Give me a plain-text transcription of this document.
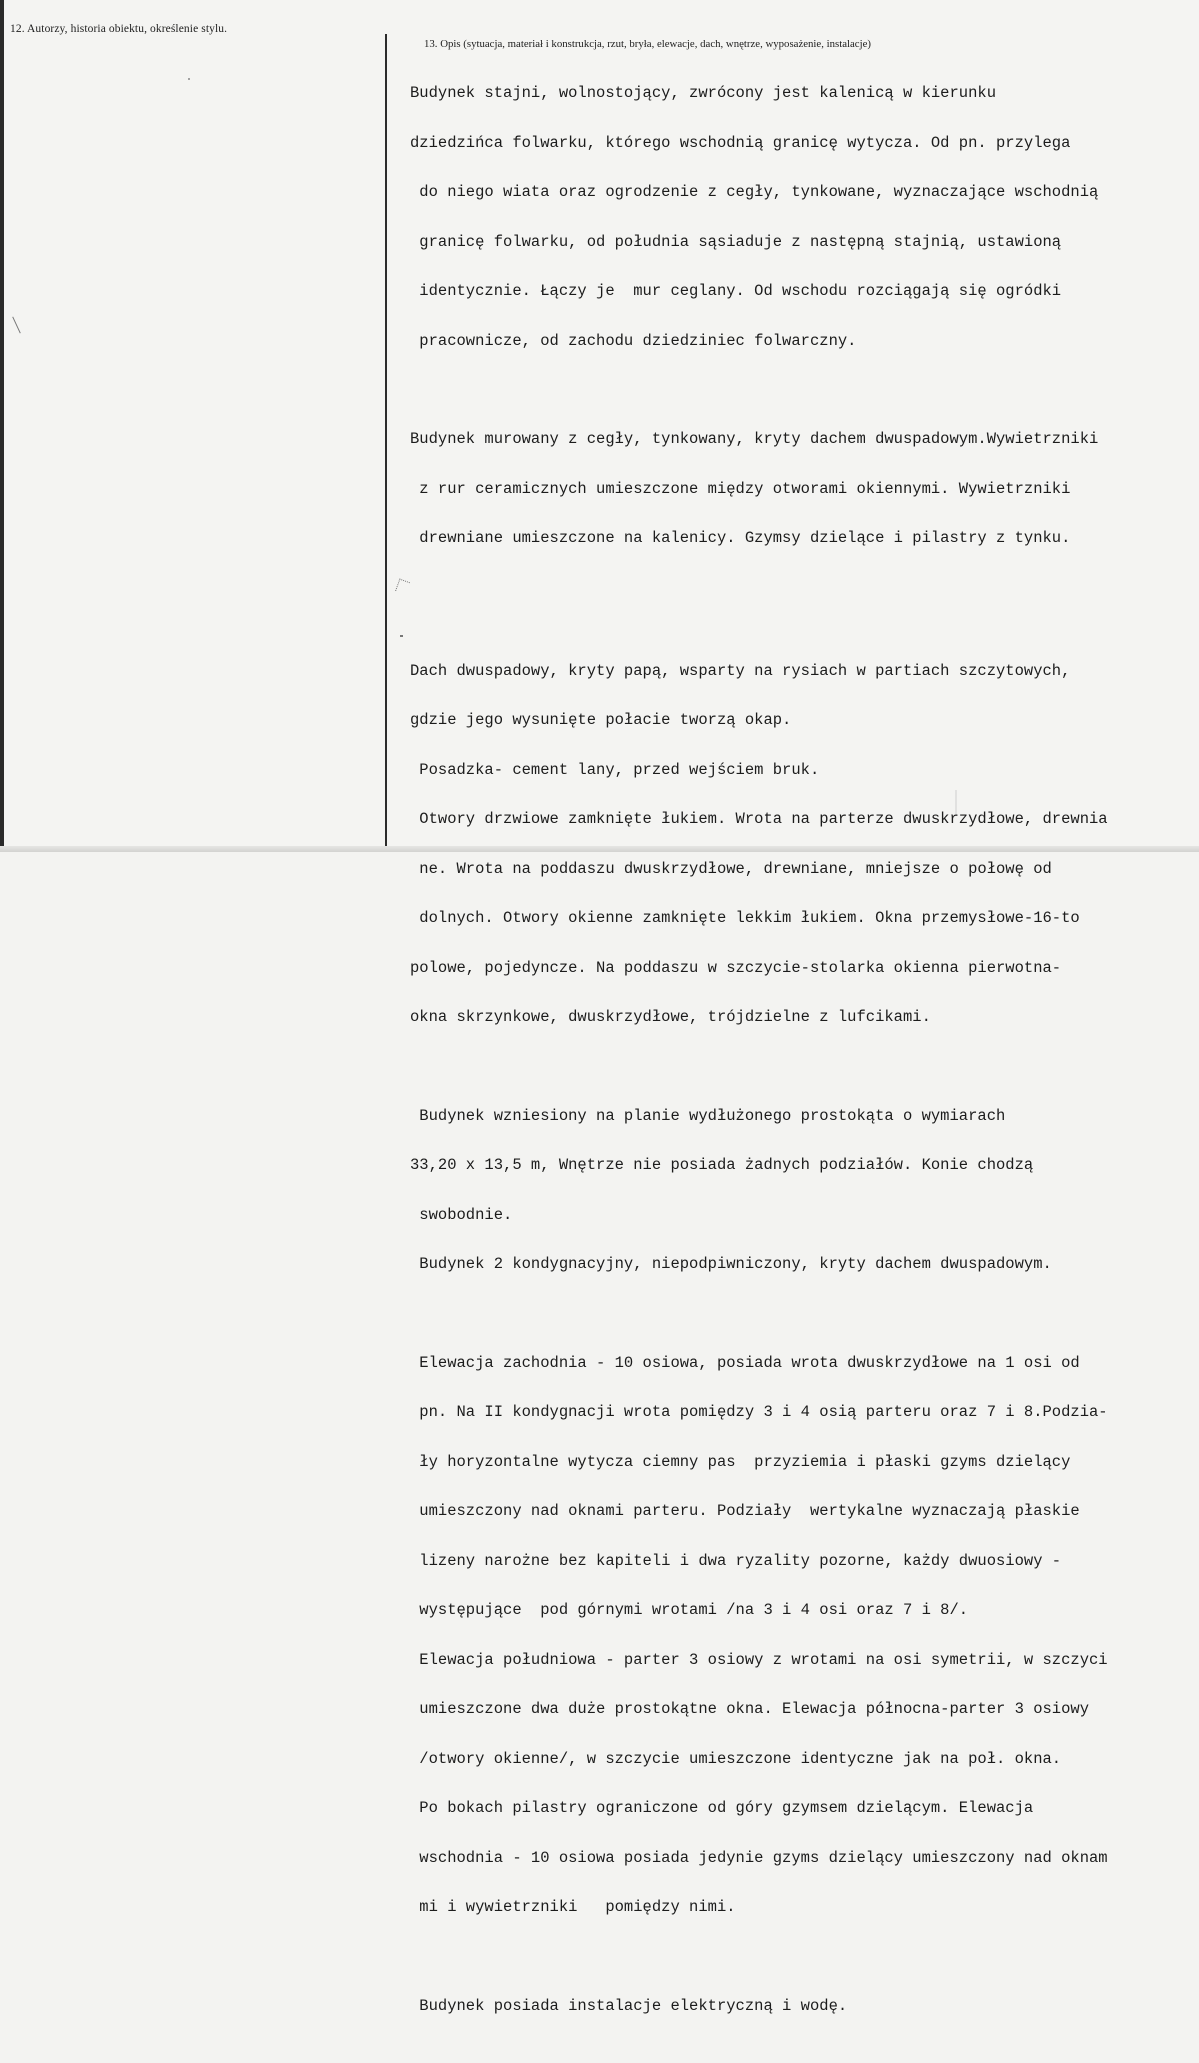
12. Autorzy, historia obiektu, określenie stylu.
13. Opis (sytuacja, materiał i konstrukcja, rzut, bryła, elewacje, dach, wnętrze, wyposażenie, instalacje)

Budynek stajni, wolnostojący, zwrócony jest kalenicą w kierunku

dziedzińca folwarku, którego wschodnią granicę wytycza. Od pn. przylega

do niego wiata oraz ogrodzenie z cegły, tynkowane, wyznaczające wschodnią

granicę folwarku, od południa sąsiaduje z następną stajnią, ustawioną

identycznie. Łączy je  mur ceglany. Od wschodu rozciągają się ogródki

pracownicze, od zachodu dziedziniec folwarczny.

Budynek murowany z cegły, tynkowany, kryty dachem dwuspadowym.Wywietrzniki

z rur ceramicznych umieszczone między otworami okiennymi. Wywietrzniki

drewniane umieszczone na kalenicy. Gzymsy dzielące i pilastry z tynku.

Dach dwuspadowy, kryty papą, wsparty na rysiach w partiach szczytowych,

gdzie jego wysunięte połacie tworzą okap.

Posadzka- cement lany, przed wejściem bruk.

Otwory drzwiowe zamknięte łukiem. Wrota na parterze dwuskrzydłowe, drewnia

ne. Wrota na poddaszu dwuskrzydłowe, drewniane, mniejsze o połowę od

dolnych. Otwory okienne zamknięte lekkim łukiem. Okna przemysłowe-16-to

polowe, pojedyncze. Na poddaszu w szczycie-stolarka okienna pierwotna-

okna skrzynkowe, dwuskrzydłowe, trójdzielne z lufcikami.

Budynek wzniesiony na planie wydłużonego prostokąta o wymiarach

33,20 x 13,5 m, Wnętrze nie posiada żadnych podziałów. Konie chodzą

swobodnie.

Budynek 2 kondygnacyjny, niepodpiwniczony, kryty dachem dwuspadowym.

Elewacja zachodnia - 10 osiowa, posiada wrota dwuskrzydłowe na 1 osi od

pn. Na II kondygnacji wrota pomiędzy 3 i 4 osią parteru oraz 7 i 8.Podzia-

ły horyzontalne wytycza ciemny pas  przyziemia i płaski gzyms dzielący

umieszczony nad oknami parteru. Podziały  wertykalne wyznaczają płaskie

lizeny narożne bez kapiteli i dwa ryzality pozorne, każdy dwuosiowy -

występujące  pod górnymi wrotami /na 3 i 4 osi oraz 7 i 8/.

Elewacja południowa - parter 3 osiowy z wrotami na osi symetrii, w szczyci

umieszczone dwa duże prostokątne okna. Elewacja północna-parter 3 osiowy

/otwory okienne/, w szczycie umieszczone identyczne jak na poł. okna.

Po bokach pilastry ograniczone od góry gzymsem dzielącym. Elewacja

wschodnia - 10 osiowa posiada jedynie gzyms dzielący umieszczony nad oknam

mi i wywietrzniki   pomiędzy nimi.

Budynek posiada instalacje elektryczną i wodę.
